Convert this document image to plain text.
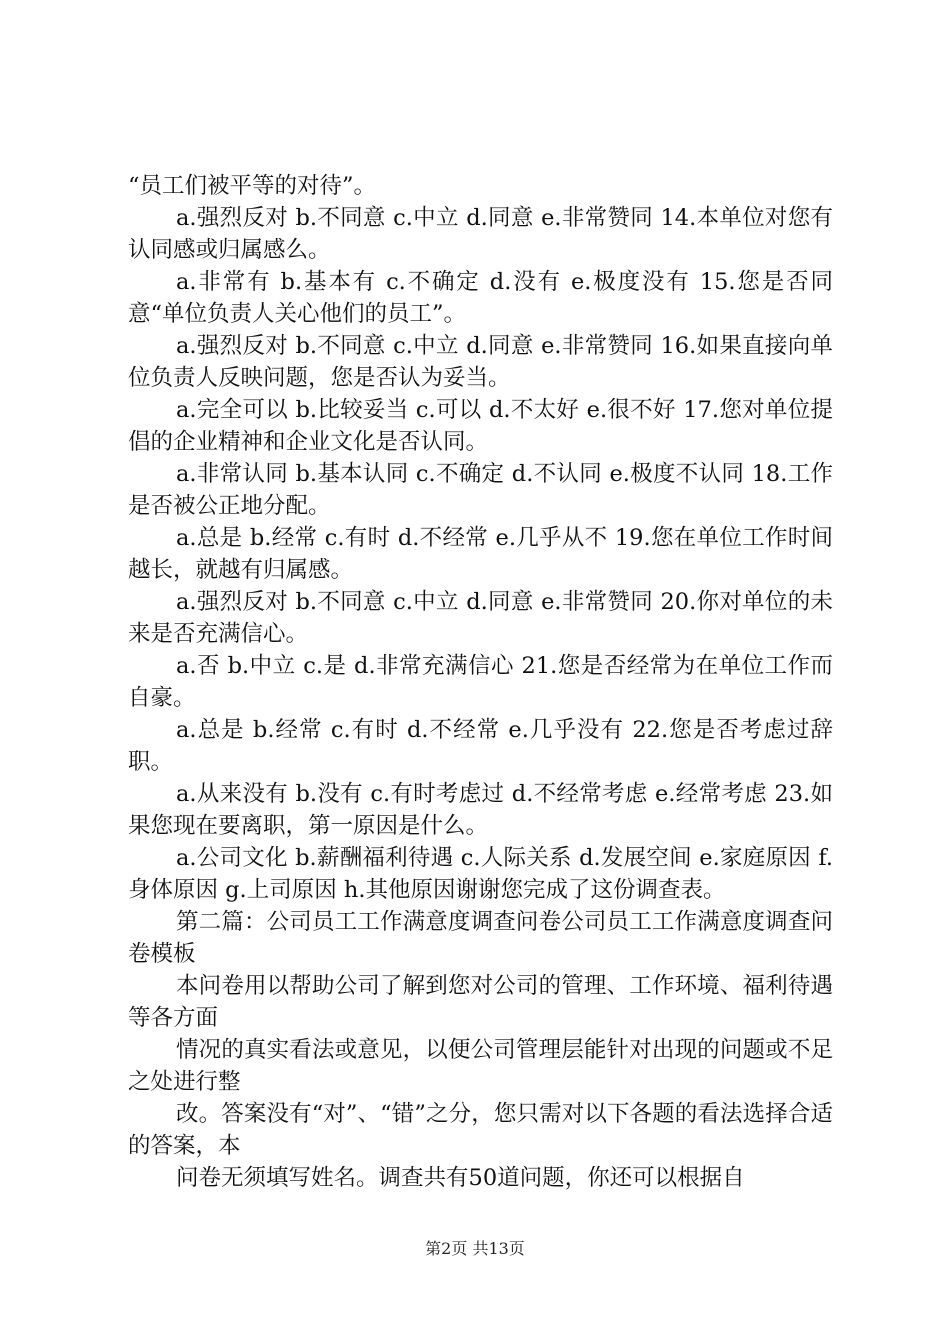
“员工们被平等的对待”。

a.强烈反对 b.不同意 c.中立 d.同意 e.非常赞同 14.本单位对您有认同感或归属感么。

a.非常有 b.基本有 c.不确定 d.没有 e.极度没有 15.您是否同意“单位负责人关心他们的员工”。

a.强烈反对 b.不同意 c.中立 d.同意 e.非常赞同 16.如果直接向单位负责人反映问题，您是否认为妥当。

a.完全可以 b.比较妥当 c.可以 d.不太好 e.很不好 17.您对单位提倡的企业精神和企业文化是否认同。

a.非常认同 b.基本认同 c.不确定 d.不认同 e.极度不认同 18.工作是否被公正地分配。

a.总是 b.经常 c.有时 d.不经常 e.几乎从不 19.您在单位工作时间越长，就越有归属感。

a.强烈反对 b.不同意 c.中立 d.同意 e.非常赞同 20.你对单位的未来是否充满信心。

a.否 b.中立 c.是 d.非常充满信心 21.您是否经常为在单位工作而自豪。

a.总是 b.经常 c.有时 d.不经常 e.几乎没有 22.您是否考虑过辞职。

a.从来没有 b.没有 c.有时考虑过 d.不经常考虑 e.经常考虑 23.如果您现在要离职，第一原因是什么。

a.公司文化 b.薪酬福利待遇 c.人际关系 d.发展空间 e.家庭原因 f.身体原因 g.上司原因 h.其他原因谢谢您完成了这份调查表。

第二篇：公司员工工作满意度调查问卷公司员工工作满意度调查问卷模板

本问卷用以帮助公司了解到您对公司的管理、工作环境、福利待遇等各方面

情况的真实看法或意见，以便公司管理层能针对出现的问题或不足之处进行整

改。答案没有“对”、“错”之分，您只需对以下各题的看法选择合适的答案，本

问卷无须填写姓名。调查共有50道问题，你还可以根据自

第2页 共13页
